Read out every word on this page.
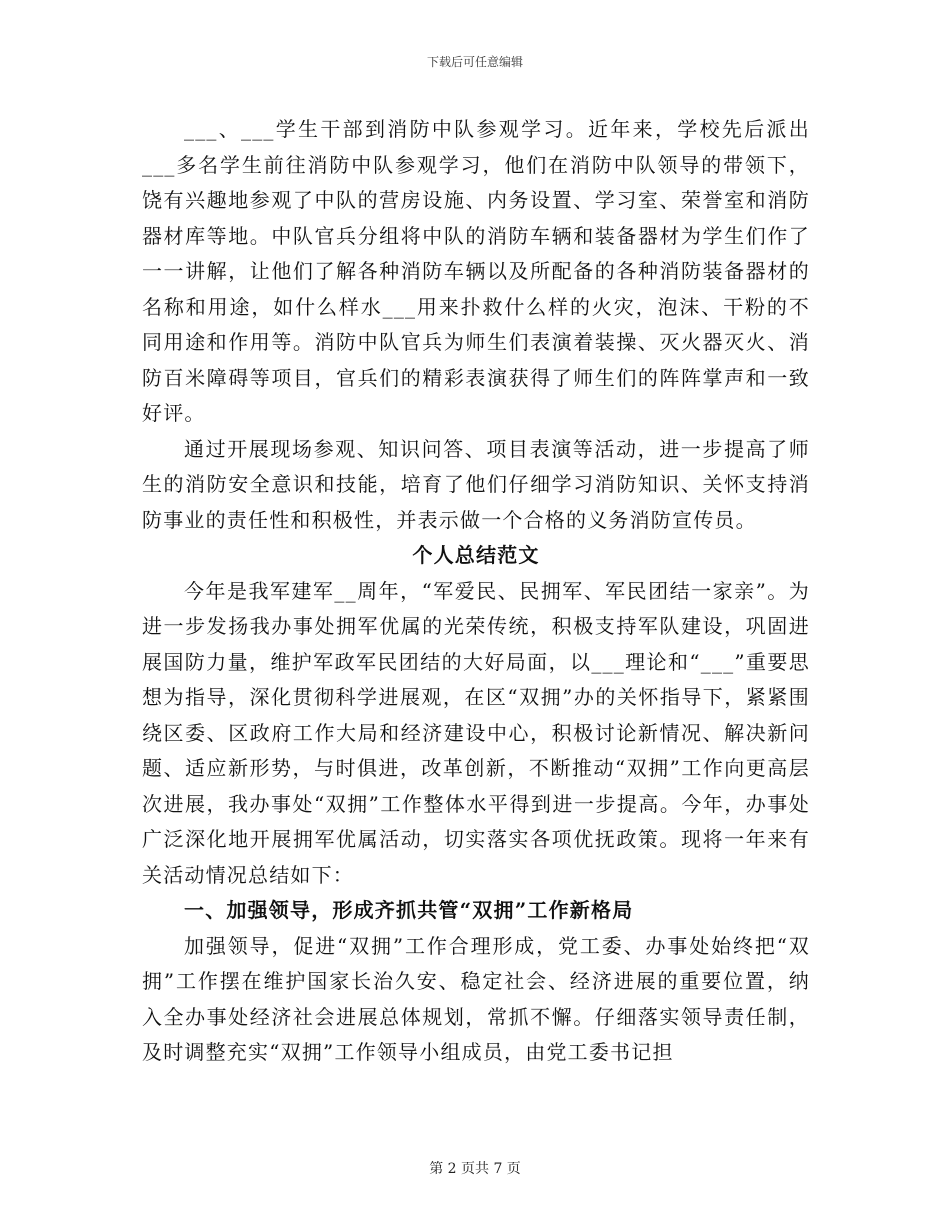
下载后可任意编辑

___、___学生干部到消防中队参观学习。近年来，学校先后派出___多名学生前往消防中队参观学习，他们在消防中队领导的带领下，饶有兴趣地参观了中队的营房设施、内务设置、学习室、荣誉室和消防器材库等地。中队官兵分组将中队的消防车辆和装备器材为学生们作了一一讲解，让他们了解各种消防车辆以及所配备的各种消防装备器材的名称和用途，如什么样水___用来扑救什么样的火灾，泡沫、干粉的不同用途和作用等。消防中队官兵为师生们表演着装操、灭火器灭火、消防百米障碍等项目，官兵们的精彩表演获得了师生们的阵阵掌声和一致好评。

通过开展现场参观、知识问答、项目表演等活动，进一步提高了师生的消防安全意识和技能，培育了他们仔细学习消防知识、关怀支持消防事业的责任性和积极性，并表示做一个合格的义务消防宣传员。

个人总结范文

今年是我军建军__周年，“军爱民、民拥军、军民团结一家亲”。为进一步发扬我办事处拥军优属的光荣传统，积极支持军队建设，巩固进展国防力量，维护军政军民团结的大好局面，以___理论和“___”重要思想为指导，深化贯彻科学进展观，在区“双拥”办的关怀指导下，紧紧围绕区委、区政府工作大局和经济建设中心，积极讨论新情况、解决新问题、适应新形势，与时俱进，改革创新，不断推动“双拥”工作向更高层次进展，我办事处“双拥”工作整体水平得到进一步提高。今年，办事处广泛深化地开展拥军优属活动，切实落实各项优抚政策。现将一年来有关活动情况总结如下：

一、加强领导，形成齐抓共管“双拥”工作新格局

加强领导，促进“双拥”工作合理形成，党工委、办事处始终把“双拥”工作摆在维护国家长治久安、稳定社会、经济进展的重要位置，纳入全办事处经济社会进展总体规划，常抓不懈。仔细落实领导责任制，及时调整充实“双拥”工作领导小组成员，由党工委书记担

第 2 页共 7 页
